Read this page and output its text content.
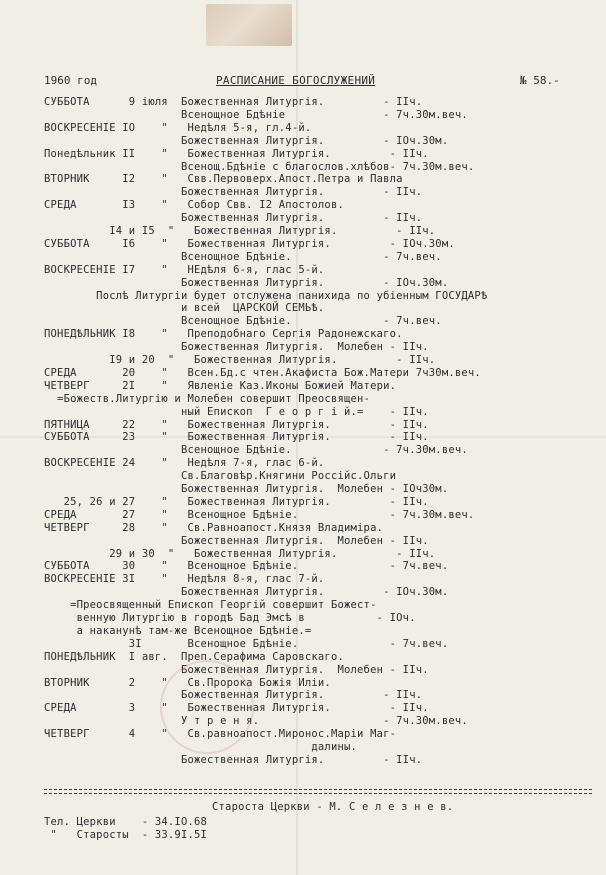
1960 год	РАСПИСАНИЕ БОГОСЛУЖЕНИЙ	№ 58.-
СУББОТА      9 iюля  Божественная Литургiя.         - IIч.
Всенощное Бдѣнiе               - 7ч.30м.веч.
ВОСКРЕСЕНIЕ IO    "   Недѣля 5-я, гл.4-й.
Божественная Литургiя.         - IOч.30м.
Понедѣльник II    "   Божественная Литургiя.         - IIч.
Всенощ.Бдѣнiе с благослов.хлѣбов- 7ч.30м.веч.
ВТОРНИК     I2    "   Свв.Первоверх.Апост.Петра и Павла
Божественная Литургiя.         - IIч.
СРЕДА       I3    "   Собор Свв. I2 Апостолов.
Божественная Литургiя.         - IIч.
I4 и I5  "   Божественная Литургiя.         - IIч.
СУББОТА     I6    "   Божественная Литургiя.         - IOч.30м.
Всенощное Бдѣнiе.              - 7ч.веч.
ВОСКРЕСЕНIЕ I7    "   НЕдѣля 6-я, глас 5-й.
Божественная Литургiя.         - IOч.30м.
Послѣ Литургiи будет отслужена панихида по убiенным ГОСУДАРѢ
и всей  ЦАРСКОЙ СЕМЬѢ.
Всенощное Бдѣнiе.              - 7ч.веч.
ПОНЕДѢЛЬНИК I8    "   Преподобнаго Сергiя Радонежскаго.
Божественная Литургiя.  Молебен - IIч.
I9 и 20  "   Божественная Литургiя.         - IIч.
СРЕДА       20    "   Всен.Бд.с чтен.Акафиста Бож.Матери 7ч30м.веч.
ЧЕТВЕРГ     2I    "   Явленiе Каз.Иконы Божией Матери.
=Божеств.Литургiю и Молебен совершит Преосвящен-
ный Епископ  Г е о р г i й.=    - IIч.
ПЯТНИЦА     22    "   Божественная Литургiя.         - IIч.
СУББОТА     23    "   Божественная Литургiя.         - IIч.
Всенощное Бдѣнiе.              - 7ч.30м.веч.
ВОСКРЕСЕНIЕ 24    "   Недѣля 7-я, глас 6-й.
Св.Благовѣр.Княгини Россiйс.Ольги
Божественная Литургiя.  Молебен - IOч30м.
25, 26 и 27    "   Божественная Литургiя.         - IIч.
СРЕДА       27    "   Всенощное Бдѣнiе.              - 7ч.30м.веч.
ЧЕТВЕРГ     28    "   Св.Равноапост.Князя Владимiра.
Божественная Литургiя.  Молебен - IIч.
29 и 30  "   Божественная Литургiя.         - IIч.
СУББОТА     30    "   Всенощное Бдѣнiе.              - 7ч.веч.
ВОСКРЕСЕНIЕ 3I    "   Недѣля 8-я, глас 7-й.
Божественная Литургiя.         - IOч.30м.
=Преосвященный Епископ Георгiй совершит Божест-
венную Литургiю в городѣ Бад Эмсѣ в           - IOч.
а наканунѣ там-же Всенощное Бдѣнiе.=
3I       Всенощное Бдѣнiе.              - 7ч.веч.
ПОНЕДѢЛЬНИК  I авг.  Преп.Серафима Саровскаго.
Божественная Литургiя.  Молебен - IIч.
ВТОРНИК      2    "   Св.Пророка Божiя Илiи.
Божественная Литургiя.         - IIч.
СРЕДА        3    "   Божественная Литургiя.         - IIч.
У т р е н я.                   - 7ч.30м.веч.
ЧЕТВЕРГ      4    "   Св.равноапост.Миронос.Марiи Маг-
далины.
Божественная Литургiя.         - IIч.
Староста Церкви - М. С е л е з н е в.
Тел. Церкви    - 34.IO.68
"   Старосты  - 33.9I.5I
